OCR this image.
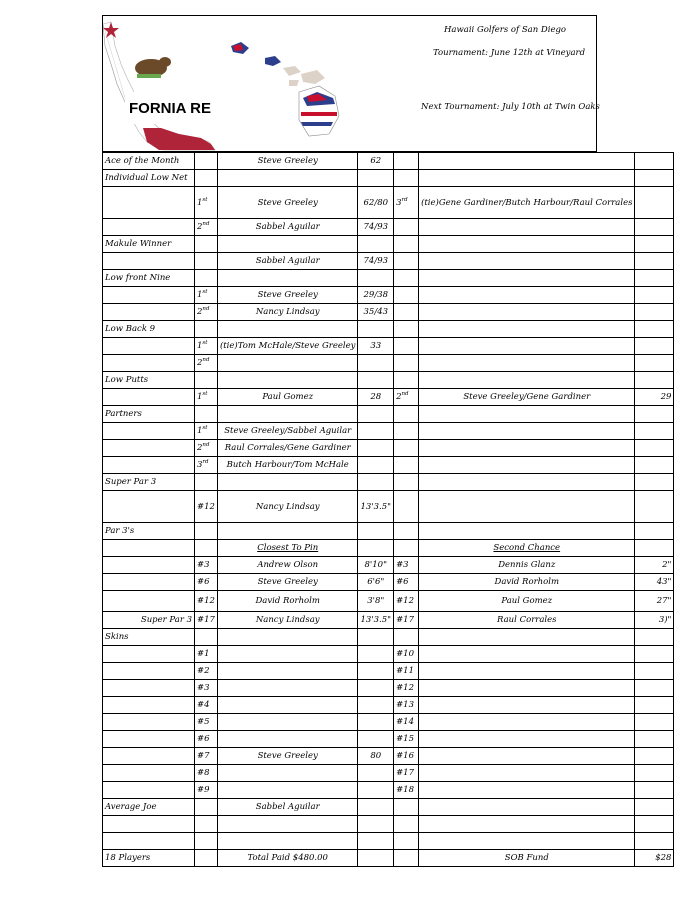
FORNIA RE
Hawaii Golfers of San Diego
Tournament: June 12th at Vineyard
Next Tournament: July 10th at Twin Oaks
Ace of the Month		Steve Greeley	62			
Individual Low Net						
	1st	Steve Greeley	62/80	3rd	(tie)Gene Gardiner/Butch Harbour/Raul Corrales	
	2nd	Sabbel Aguilar	74/93			
Makule Winner						
		Sabbel Aguilar	74/93			
Low front Nine						
	1st	Steve Greeley	29/38			
	2nd	Nancy Lindsay	35/43			
Low Back 9						
	1st	(tie)Tom McHale/Steve Greeley	33			
	2nd					
Low Putts						
	1st	Paul Gomez	28	2nd	Steve Greeley/Gene Gardiner	29
Partners						
	1st	Steve Greeley/Sabbel Aguilar				
	2nd	Raul Corrales/Gene Gardiner				
	3rd	Butch Harbour/Tom McHale				
Super Par 3						
	#12	Nancy Lindsay	13'3.5"			
Par 3's						
		Closest To Pin			Second Chance	
	#3	Andrew Olson	8'10"	#3	Dennis Glanz	2"
	#6	Steve Greeley	6'6"	#6	David Rorholm	43"
	#12	David Rorholm	3'8"	#12	Paul Gomez	27"
Super Par 3	#17	Nancy Lindsay	13'3.5"	#17	Raul Corrales	3)"
Skins						
	#1			#10		
	#2			#11		
	#3			#12		
	#4			#13		
	#5			#14		
	#6			#15		
	#7	Steve Greeley	80	#16		
	#8			#17		
	#9			#18		
Average Joe		Sabbel Aguilar				

18 Players		Total Paid $480.00			SOB Fund	$28
